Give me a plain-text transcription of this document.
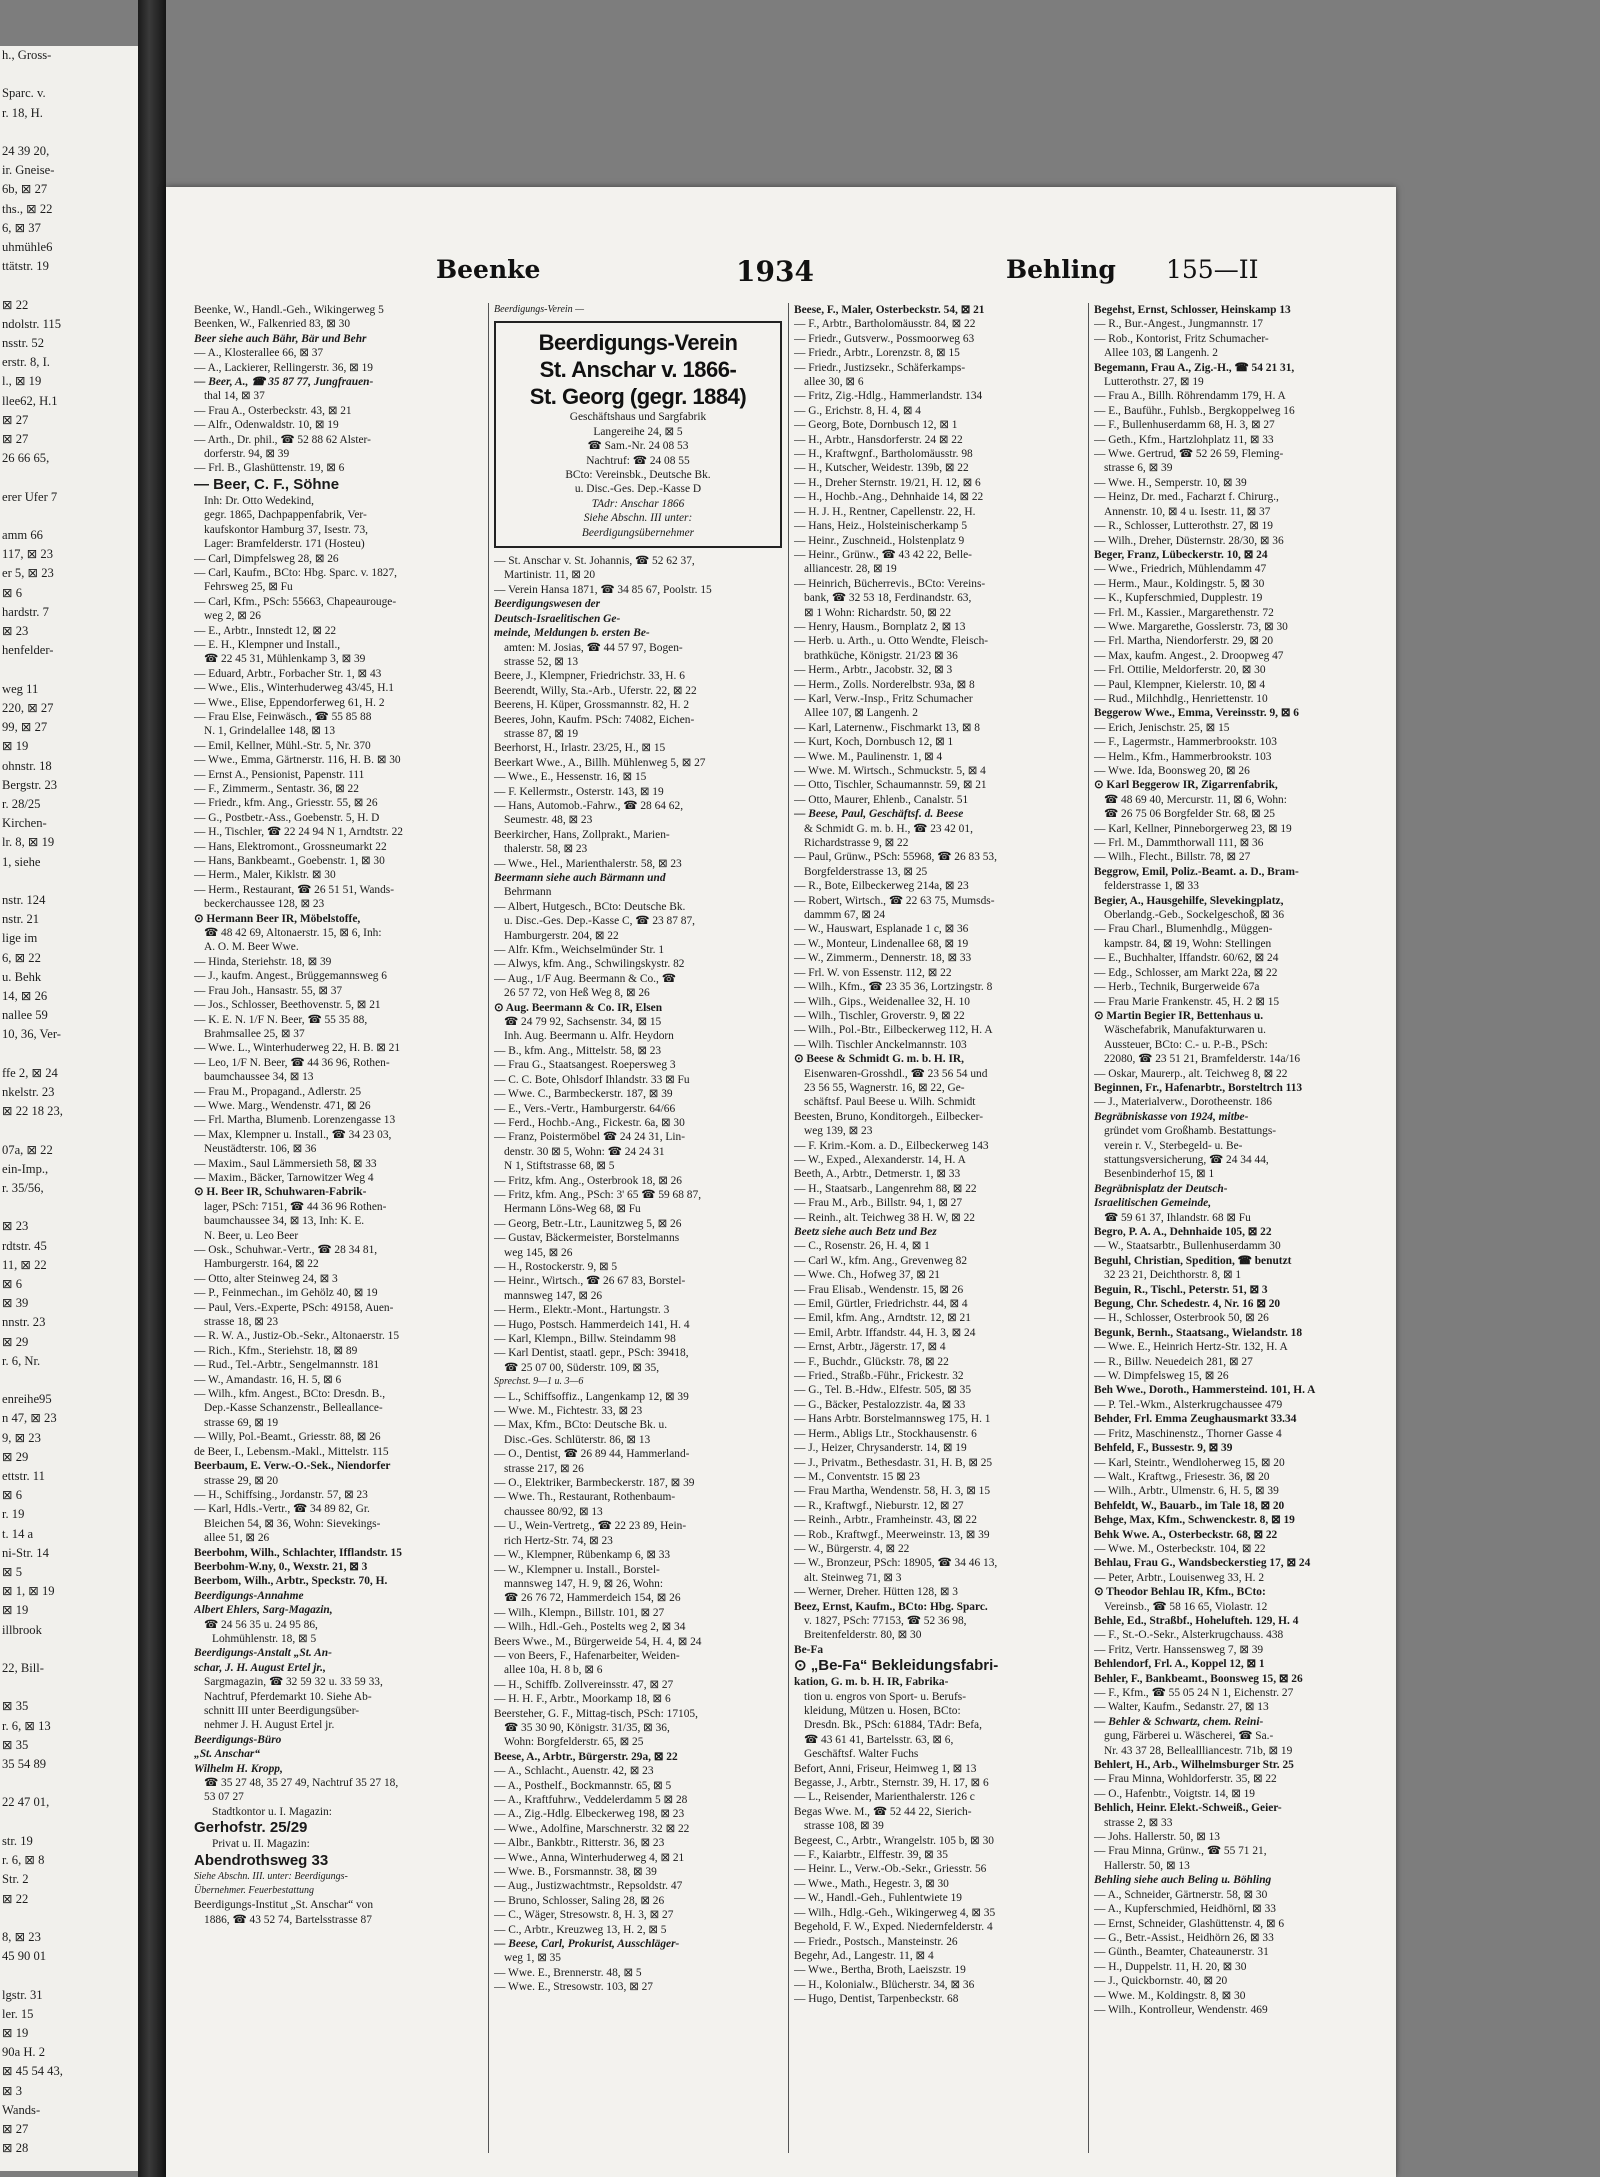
h., Gross-

Sparc. v.
r. 18, H.

24 39 20,
ir. Gneise-
6b, ⊠ 27
ths., ⊠ 22
6, ⊠ 37
uhmühle6
ttätstr. 19

⊠ 22
ndolstr. 115
nsstr. 52
erstr. 8, I.
l., ⊠ 19
llee62, H.1
⊠ 27
⊠ 27
26 66 65,

erer Ufer 7

amm 66
117, ⊠ 23
er 5, ⊠ 23
⊠ 6
hardstr. 7
⊠ 23
henfelder-

weg 11
220, ⊠ 27
99, ⊠ 27
⊠ 19
ohnstr. 18
Bergstr. 23
r. 28/25
Kirchen-
lr. 8, ⊠ 19
1, siehe

nstr. 124
nstr. 21
lige im
6, ⊠ 22
u. Behk
14, ⊠ 26
nallee 59
10, 36, Ver-

ffe 2, ⊠ 24
nkelstr. 23
⊠ 22 18 23,

07a, ⊠ 22
ein-Imp.,
r. 35/56,

⊠ 23
rdtstr. 45
11, ⊠ 22
⊠ 6
⊠ 39
nnstr. 23
⊠ 29
r. 6, Nr.

enreihe95
n 47, ⊠ 23
9, ⊠ 23
⊠ 29
ettstr. 11
⊠ 6
r. 19
t. 14 a
ni-Str. 14
⊠ 5
⊠ 1, ⊠ 19
⊠ 19
illbrook

22, Bill-

⊠ 35
r. 6, ⊠ 13
⊠ 35
35 54 89

22 47 01,

str. 19
r. 6, ⊠ 8
Str. 2
⊠ 22

8, ⊠ 23
45 90 01

lgstr. 31
ler. 15
⊠ 19
90a H. 2
⊠ 45 54 43,
⊠ 3
Wands-
⊠ 27
⊠ 28
Beenke	1934	Behling 155—II
Beenke, W., Handl.-Geh., Wikingerweg 5
Beenken, W., Falkenried 83, ⊠ 30
Beer siehe auch Bähr, Bär und Behr
— A., Klosterallee 66, ⊠ 37
— A., Lackierer, Rellingerstr. 36, ⊠ 19
— Beer, A., ☎ 35 87 77, Jungfrauen-
thal 14, ⊠ 37
— Frau A., Osterbeckstr. 43, ⊠ 21
— Alfr., Odenwaldstr. 10, ⊠ 19
— Arth., Dr. phil., ☎ 52 88 62 Alster-
dorferstr. 94, ⊠ 39
— Frl. B., Glashüttenstr. 19, ⊠ 6
— Beer, C. F., Söhne
Inh: Dr. Otto Wedekind,
gegr. 1865, Dachpappenfabrik, Ver-
kaufskontor Hamburg 37, Isestr. 73,
Lager: Bramfelderstr. 171 (Hosteu)
— Carl, Dimpfelsweg 28, ⊠ 26
— Carl, Kaufm., BCto: Hbg. Sparc. v. 1827,
Fehrsweg 25, ⊠ Fu
— Carl, Kfm., PSch: 55663, Chapeaurouge-
weg 2, ⊠ 26
— E., Arbtr., Innstedt 12, ⊠ 22
— E. H., Klempner und Install.,
☎ 22 45 31, Mühlenkamp 3, ⊠ 39
— Eduard, Arbtr., Forbacher Str. 1, ⊠ 43
— Wwe., Elis., Winterhuderweg 43/45, H.1
— Wwe., Elise, Eppendorferweg 61, H. 2
— Frau Else, Feinwäsch., ☎ 55 85 88
N. 1, Grindelallee 148, ⊠ 13
— Emil, Kellner, Mühl.-Str. 5, Nr. 370
— Wwe., Emma, Gärtnerstr. 116, H. B. ⊠ 30
— Ernst A., Pensionist, Papenstr. 111
— F., Zimmerm., Sentastr. 36, ⊠ 22
— Friedr., kfm. Ang., Griesstr. 55, ⊠ 26
— G., Postbetr.-Ass., Goebenstr. 5, H. D
— H., Tischler, ☎ 22 24 94 N 1, Arndtstr. 22
— Hans, Elektromont., Grossneumarkt 22
— Hans, Bankbeamt., Goebenstr. 1, ⊠ 30
— Herm., Maler, Kiklstr. ⊠ 30
— Herm., Restaurant, ☎ 26 51 51, Wands-
beckerchaussee 128, ⊠ 23
⊙ Hermann Beer IR, Möbelstoffe,
☎ 48 42 69, Altonaerstr. 15, ⊠ 6, Inh:
A. O. M. Beer Wwe.
— Hinda, Steriehstr. 18, ⊠ 39
— J., kaufm. Angest., Brüggemannsweg 6
— Frau Joh., Hansastr. 55, ⊠ 37
— Jos., Schlosser, Beethovenstr. 5, ⊠ 21
— K. E. N. 1/F N. Beer, ☎ 55 35 88,
Brahmsallee 25, ⊠ 37
— Wwe. L., Winterhuderweg 22, H. B. ⊠ 21
— Leo, 1/F N. Beer, ☎ 44 36 96, Rothen-
baumchaussee 34, ⊠ 13
— Frau M., Propagand., Adlerstr. 25
— Wwe. Marg., Wendenstr. 471, ⊠ 26
— Frl. Martha, Blumenb. Lorenzengasse 13
— Max, Klempner u. Install., ☎ 34 23 03,
Neustädterstr. 106, ⊠ 36
— Maxim., Saul Lämmersieth 58, ⊠ 33
— Maxim., Bäcker, Tarnowitzer Weg 4
⊙ H. Beer IR, Schuhwaren-Fabrik-
lager, PSch: 7151, ☎ 44 36 96 Rothen-
baumchaussee 34, ⊠ 13, Inh: K. E.
N. Beer, u. Leo Beer
— Osk., Schuhwar.-Vertr., ☎ 28 34 81,
Hamburgerstr. 164, ⊠ 22
— Otto, alter Steinweg 24, ⊠ 3
— P., Feinmechan., im Gehölz 40, ⊠ 19
— Paul, Vers.-Experte, PSch: 49158, Auen-
strasse 18, ⊠ 23
— R. W. A., Justiz-Ob.-Sekr., Altonaerstr. 15
— Rich., Kfm., Steriehstr. 18, ⊠ 89
— Rud., Tel.-Arbtr., Sengelmannstr. 181
— W., Amandastr. 16, H. 5, ⊠ 6
— Wilh., kfm. Angest., BCto: Dresdn. B.,
Dep.-Kasse Schanzenstr., Belleallance-
strasse 69, ⊠ 19
— Willy, Pol.-Beamt., Griesstr. 88, ⊠ 26
de Beer, I., Lebensm.-Makl., Mittelstr. 115
Beerbaum, E. Verw.-O.-Sek., Niendorfer
strasse 29, ⊠ 20
— H., Schiffsing., Jordanstr. 57, ⊠ 23
— Karl, Hdls.-Vertr., ☎ 34 89 82, Gr.
Bleichen 54, ⊠ 36, Wohn: Sievekings-
allee 51, ⊠ 26
Beerbohm, Wilh., Schlachter, Ifflandstr. 15
Beerbohm-W.ny, 0., Wexstr. 21, ⊠ 3
Beerbom, Wilh., Arbtr., Speckstr. 70, H.
Beerdigungs-Annahme
Albert Ehlers, Sarg-Magazin,
☎ 24 56 35 u. 24 95 86,
Lohmühlenstr. 18, ⊠ 5
Beerdigungs-Anstalt „St. An-
schar, J. H. August Ertel jr.,
Sargmagazin, ☎ 32 59 32 u. 33 59 33,
Nachtruf, Pferdemarkt 10. Siehe Ab-
schnitt III unter Beerdigungsüber-
nehmer J. H. August Ertel jr.
Beerdigungs-Büro
„St. Anschar“
Wilhelm H. Kropp,
☎ 35 27 48, 35 27 49, Nachtruf 35 27 18,
53 07 27
Stadtkontor u. I. Magazin:
Gerhofstr. 25/29
Privat u. II. Magazin:
Abendrothsweg 33
Siehe Abschn. III. unter: Beerdigungs-
Übernehmer. Feuerbestattung
Beerdigungs-Institut „St. Anschar“ von
1886, ☎ 43 52 74, Bartelsstrasse 87
Beerdigungs-Verein —
Beerdigungs-Verein
St. Anschar v. 1866-
St. Georg (gegr. 1884)
Geschäftshaus und Sargfabrik
Langereihe 24, ⊠ 5
☎ Sam.-Nr. 24 08 53
Nachtruf: ☎ 24 08 55
BCto: Vereinsbk., Deutsche Bk.
u. Disc.-Ges. Dep.-Kasse D
TAdr: Anschar 1866
Siehe Abschn. III unter:
Beerdigungsübernehmer
— St. Anschar v. St. Johannis, ☎ 52 62 37,
Martinistr. 11, ⊠ 20
— Verein Hansa 1871, ☎ 34 85 67, Poolstr. 15
Beerdigungswesen der
Deutsch-Israelitischen Ge-
meinde, Meldungen b. ersten Be-
amten: M. Josias, ☎ 44 57 97, Bogen-
strasse 52, ⊠ 13
Beere, J., Klempner, Friedrichstr. 33, H. 6
Beerendt, Willy, Sta.-Arb., Uferstr. 22, ⊠ 22
Beerens, H. Küper, Grossmannstr. 82, H. 2
Beeres, John, Kaufm. PSch: 74082, Eichen-
strasse 87, ⊠ 19
Beerhorst, H., Irlastr. 23/25, H., ⊠ 15
Beerkart Wwe., A., Billh. Mühlenweg 5, ⊠ 27
— Wwe., E., Hessenstr. 16, ⊠ 15
— F. Kellermstr., Osterstr. 143, ⊠ 19
— Hans, Automob.-Fahrw., ☎ 28 64 62,
Seumestr. 48, ⊠ 23
Beerkircher, Hans, Zollprakt., Marien-
thalerstr. 58, ⊠ 23
— Wwe., Hel., Marienthalerstr. 58, ⊠ 23
Beermann siehe auch Bärmann und
Behrmann
— Albert, Hutgesch., BCto: Deutsche Bk.
u. Disc.-Ges. Dep.-Kasse C, ☎ 23 87 87,
Hamburgerstr. 204, ⊠ 22
— Alfr. Kfm., Weichselmünder Str. 1
— Alwys, kfm. Ang., Schwilingskystr. 82
— Aug., 1/F Aug. Beermann & Co., ☎
26 57 72, von Heß Weg 8, ⊠ 26
⊙ Aug. Beermann & Co. IR, Elsen
☎ 24 79 92, Sachsenstr. 34, ⊠ 15
Inh. Aug. Beermann u. Alfr. Heydorn
— B., kfm. Ang., Mittelstr. 58, ⊠ 23
— Frau G., Staatsangest. Roepersweg 3
— C. C. Bote, Ohlsdorf Ihlandstr. 33 ⊠ Fu
— Wwe. C., Barmbeckerstr. 187, ⊠ 39
— E., Vers.-Vertr., Hamburgerstr. 64/66
— Ferd., Hochb.-Ang., Fickestr. 6a, ⊠ 30
— Franz, Poistermöbel ☎ 24 24 31, Lin-
denstr. 30 ⊠ 5, Wohn: ☎ 24 24 31
N 1, Stiftstrasse 68, ⊠ 5
— Fritz, kfm. Ang., Osterbrook 18, ⊠ 26
— Fritz, kfm. Ang., PSch: 3' 65 ☎ 59 68 87,
Hermann Löns-Weg 68, ⊠ Fu
— Georg, Betr.-Ltr., Launitzweg 5, ⊠ 26
— Gustav, Bäckermeister, Borstelmanns
weg 145, ⊠ 26
— H., Rostockerstr. 9, ⊠ 5
— Heinr., Wirtsch., ☎ 26 67 83, Borstel-
mannsweg 147, ⊠ 26
— Herm., Elektr.-Mont., Hartungstr. 3
— Hugo, Postsch. Hammerdeich 141, H. 4
— Karl, Klempn., Billw. Steindamm 98
— Karl Dentist, staatl. gepr., PSch: 39418,
☎ 25 07 00, Süderstr. 109, ⊠ 35,
Sprechst. 9—1 u. 3—6
— L., Schiffsoffiz., Langenkamp 12, ⊠ 39
— Wwe. M., Fichtestr. 33, ⊠ 23
— Max, Kfm., BCto: Deutsche Bk. u.
Disc.-Ges. Schlüterstr. 86, ⊠ 13
— O., Dentist, ☎ 26 89 44, Hammerland-
strasse 217, ⊠ 26
— O., Elektriker, Barmbeckerstr. 187, ⊠ 39
— Wwe. Th., Restaurant, Rothenbaum-
chaussee 80/92, ⊠ 13
— U., Wein-Vertretg., ☎ 22 23 89, Hein-
rich Hertz-Str. 74, ⊠ 23
— W., Klempner, Rübenkamp 6, ⊠ 33
— W., Klempner u. Install., Borstel-
mannsweg 147, H. 9, ⊠ 26, Wohn:
☎ 26 76 72, Hammerdeich 154, ⊠ 26
— Wilh., Klempn., Billstr. 101, ⊠ 27
— Wilh., Hdl.-Geh., Postelts weg 2, ⊠ 34
Beers Wwe., M., Bürgerweide 54, H. 4, ⊠ 24
— von Beers, F., Hafenarbeiter, Weiden-
allee 10a, H. 8 b, ⊠ 6
— H., Schiffb. Zollvereinsstr. 47, ⊠ 27
— H. H. F., Arbtr., Moorkamp 18, ⊠ 6
Beersteher, G. F., Mittag-tisch, PSch: 17105,
☎ 35 30 90, Königstr. 31/35, ⊠ 36,
Wohn: Borgfelderstr. 65, ⊠ 25
Beese, A., Arbtr., Bürgerstr. 29a, ⊠ 22
— A., Schlacht., Auenstr. 42, ⊠ 23
— A., Posthelf., Bockmannstr. 65, ⊠ 5
— A., Kraftfuhrw., Veddelerdamm 5 ⊠ 28
— A., Zig.-Hdlg. Elbeckerweg 198, ⊠ 23
— Wwe., Adolfine, Marschnerstr. 32 ⊠ 22
— Albr., Bankbtr., Ritterstr. 36, ⊠ 23
— Wwe., Anna, Winterhuderweg 4, ⊠ 21
— Wwe. B., Forsmannstr. 38, ⊠ 39
— Aug., Justizwachtmstr., Repsoldstr. 47
— Bruno, Schlosser, Saling 28, ⊠ 26
— C., Wäger, Stresowstr. 8, H. 3, ⊠ 27
— C., Arbtr., Kreuzweg 13, H. 2, ⊠ 5
— Beese, Carl, Prokurist, Ausschläger-
weg 1, ⊠ 35
— Wwe. E., Brennerstr. 48, ⊠ 5
— Wwe. E., Stresowstr. 103, ⊠ 27
Beese, F., Maler, Osterbeckstr. 54, ⊠ 21
— F., Arbtr., Bartholomäusstr. 84, ⊠ 22
— Friedr., Gutsverw., Possmoorweg 63
— Friedr., Arbtr., Lorenzstr. 8, ⊠ 15
— Friedr., Justizsekr., Schäferkamps-
allee 30, ⊠ 6
— Fritz, Zig.-Hdlg., Hammerlandstr. 134
— G., Erichstr. 8, H. 4, ⊠ 4
— Georg, Bote, Dornbusch 12, ⊠ 1
— H., Arbtr., Hansdorferstr. 24 ⊠ 22
— H., Kraftwgnf., Bartholomäusstr. 98
— H., Kutscher, Weidestr. 139b, ⊠ 22
— H., Dreher Sternstr. 19/21, H. 12, ⊠ 6
— H., Hochb.-Ang., Dehnhaide 14, ⊠ 22
— H. J. H., Rentner, Capellenstr. 22, H.
— Hans, Heiz., Holsteinischerkamp 5
— Heinr., Zuschneid., Holstenplatz 9
— Heinr., Grünw., ☎ 43 42 22, Belle-
alliancestr. 28, ⊠ 19
— Heinrich, Bücherrevis., BCto: Vereins-
bank, ☎ 32 53 18, Ferdinandstr. 63,
⊠ 1 Wohn: Richardstr. 50, ⊠ 22
— Henry, Hausm., Bornplatz 2, ⊠ 13
— Herb. u. Arth., u. Otto Wendte, Fleisch-
brathküche, Königstr. 21/23 ⊠ 36
— Herm., Arbtr., Jacobstr. 32, ⊠ 3
— Herm., Zolls. Norderelbstr. 93a, ⊠ 8
— Karl, Verw.-Insp., Fritz Schumacher
Allee 107, ⊠ Langenh. 2
— Karl, Laternenw., Fischmarkt 13, ⊠ 8
— Kurt, Koch, Dornbusch 12, ⊠ 1
— Wwe. M., Paulinenstr. 1, ⊠ 4
— Wwe. M. Wirtsch., Schmuckstr. 5, ⊠ 4
— Otto, Tischler, Schaumannstr. 59, ⊠ 21
— Otto, Maurer, Ehlenb., Canalstr. 51
— Beese, Paul, Geschäftsf. d. Beese
& Schmidt G. m. b. H., ☎ 23 42 01,
Richardstrasse 9, ⊠ 22
— Paul, Grünw., PSch: 55968, ☎ 26 83 53,
Borgfelderstrasse 13, ⊠ 25
— R., Bote, Eilbeckerweg 214a, ⊠ 23
— Robert, Wirtsch., ☎ 22 63 75, Mumsds-
dammm 67, ⊠ 24
— W., Hauswart, Esplanade 1 c, ⊠ 36
— W., Monteur, Lindenallee 68, ⊠ 19
— W., Zimmerm., Dennerstr. 18, ⊠ 33
— Frl. W. von Essenstr. 112, ⊠ 22
— Wilh., Kfm., ☎ 23 35 36, Lortzingstr. 8
— Wilh., Gips., Weidenallee 32, H. 10
— Wilh., Tischler, Groverstr. 9, ⊠ 22
— Wilh., Pol.-Btr., Eilbeckerweg 112, H. A
— Wilh. Tischler Anckelmannstr. 103
⊙ Beese & Schmidt G. m. b. H. IR,
Eisenwaren-Grosshdl., ☎ 23 56 54 und
23 56 55, Wagnerstr. 16, ⊠ 22, Ge-
schäftsf. Paul Beese u. Wilh. Schmidt
Beesten, Bruno, Konditorgeh., Eilbecker-
weg 139, ⊠ 23
— F. Krim.-Kom. a. D., Eilbeckerweg 143
— W., Exped., Alexanderstr. 14, H. A
Beeth, A., Arbtr., Detmerstr. 1, ⊠ 33
— H., Staatsarb., Langenrehm 88, ⊠ 22
— Frau M., Arb., Billstr. 94, 1, ⊠ 27
— Reinh., alt. Teichweg 38 H. W, ⊠ 22
Beetz siehe auch Betz und Bez
— C., Rosenstr. 26, H. 4, ⊠ 1
— Carl W., kfm. Ang., Grevenweg 82
— Wwe. Ch., Hofweg 37, ⊠ 21
— Frau Elisab., Wendenstr. 15, ⊠ 26
— Emil, Gürtler, Friedrichstr. 44, ⊠ 4
— Emil, kfm. Ang., Arndtstr. 12, ⊠ 21
— Emil, Arbtr. Iffandstr. 44, H. 3, ⊠ 24
— Ernst, Arbtr., Jägerstr. 17, ⊠ 4
— F., Buchdr., Glückstr. 78, ⊠ 22
— Fried., Straßb.-Führ., Frickestr. 32
— G., Tel. B.-Hdw., Elfestr. 505, ⊠ 35
— G., Bäcker, Pestalozzistr. 4a, ⊠ 33
— Hans Arbtr. Borstelmannsweg 175, H. 1
— Herm., Abligs Ltr., Stockhausenstr. 6
— J., Heizer, Chrysanderstr. 14, ⊠ 19
— J., Privatm., Bethesdastr. 31, H. B, ⊠ 25
— M., Conventstr. 15 ⊠ 23
— Frau Martha, Wendenstr. 58, H. 3, ⊠ 15
— R., Kraftwgf., Nieburstr. 12, ⊠ 27
— Reinh., Arbtr., Framheinstr. 43, ⊠ 22
— Rob., Kraftwgf., Meerweinstr. 13, ⊠ 39
— W., Bürgerstr. 4, ⊠ 22
— W., Bronzeur, PSch: 18905, ☎ 34 46 13,
alt. Steinweg 71, ⊠ 3
— Werner, Dreher. Hütten 128, ⊠ 3
Beez, Ernst, Kaufm., BCto: Hbg. Sparc.
v. 1827, PSch: 77153, ☎ 52 36 98,
Breitenfelderstr. 80, ⊠ 30
Be-Fa
⊙ „Be-Fa“ Bekleidungsfabri-
kation, G. m. b. H. IR, Fabrika-
tion u. engros von Sport- u. Berufs-
kleidung, Mützen u. Hosen, BCto:
Dresdn. Bk., PSch: 61884, TAdr: Befa,
☎ 43 61 41, Bartelsstr. 63, ⊠ 6,
Geschäftsf. Walter Fuchs
Befort, Anni, Friseur, Heimweg 1, ⊠ 13
Begasse, J., Arbtr., Sternstr. 39, H. 17, ⊠ 6
— L., Reisender, Marienthalerstr. 126 c
Begas Wwe. M., ☎ 52 44 22, Sierich-
strasse 108, ⊠ 39
Begeest, C., Arbtr., Wrangelstr. 105 b, ⊠ 30
— F., Kaiarbtr., Elffestr. 39, ⊠ 35
— Heinr. L., Verw.-Ob.-Sekr., Griesstr. 56
— Wwe., Math., Hegestr. 3, ⊠ 30
— W., Handl.-Geh., Fuhlentwiete 19
— Wilh., Hdlg.-Geh., Wikingerweg 4, ⊠ 35
Begehold, F. W., Exped. Niedernfelderstr. 4
— Friedr., Postsch., Mansteinstr. 26
Begehr, Ad., Langestr. 11, ⊠ 4
— Wwe., Bertha, Broth, Laeiszstr. 19
— H., Kolonialw., Blücherstr. 34, ⊠ 36
— Hugo, Dentist, Tarpenbeckstr. 68
Begehst, Ernst, Schlosser, Heinskamp 13
— R., Bur.-Angest., Jungmannstr. 17
— Rob., Kontorist, Fritz Schumacher-
Allee 103, ⊠ Langenh. 2
Begemann, Frau A., Zig.-H., ☎ 54 21 31,
Lutterothstr. 27, ⊠ 19
— Frau A., Billh. Röhrendamm 179, H. A
— E., Bauführ., Fuhlsb., Bergkoppelweg 16
— F., Bullenhuserdamm 68, H. 3, ⊠ 27
— Geth., Kfm., Hartzlohplatz 11, ⊠ 33
— Wwe. Gertrud, ☎ 52 26 59, Fleming-
strasse 6, ⊠ 39
— Wwe. H., Semperstr. 10, ⊠ 39
— Heinz, Dr. med., Facharzt f. Chirurg.,
Annenstr. 10, ⊠ 4 u. Isestr. 11, ⊠ 37
— R., Schlosser, Lutterothstr. 27, ⊠ 19
— Wilh., Dreher, Düsternstr. 28/30, ⊠ 36
Beger, Franz, Lübeckerstr. 10, ⊠ 24
— Wwe., Friedrich, Mühlendamm 47
— Herm., Maur., Koldingstr. 5, ⊠ 30
— K., Kupferschmied, Dupplestr. 19
— Frl. M., Kassier., Margarethenstr. 72
— Wwe. Margarethe, Gosslerstr. 73, ⊠ 30
— Frl. Martha, Niendorferstr. 29, ⊠ 20
— Max, kaufm. Angest., 2. Droopweg 47
— Frl. Ottilie, Meldorferstr. 20, ⊠ 30
— Paul, Klempner, Kielerstr. 10, ⊠ 4
— Rud., Milchhdlg., Henriettenstr. 10
Beggerow Wwe., Emma, Vereinsstr. 9, ⊠ 6
— Erich, Jenischstr. 25, ⊠ 15
— F., Lagermstr., Hammerbrookstr. 103
— Helm., Kfm., Hammerbrookstr. 103
— Wwe. Ida, Boonsweg 20, ⊠ 26
⊙ Karl Beggerow IR, Zigarrenfabrik,
☎ 48 69 40, Mercurstr. 11, ⊠ 6, Wohn:
☎ 26 75 06 Borgfelder Str. 68, ⊠ 25
— Karl, Kellner, Pinneborgerweg 23, ⊠ 19
— Frl. M., Dammthorwall 111, ⊠ 36
— Wilh., Flecht., Billstr. 78, ⊠ 27
Beggrow, Emil, Poliz.-Beamt. a. D., Bram-
felderstrasse 1, ⊠ 33
Begier, A., Hausgehilfe, Slevekingplatz,
Oberlandg.-Geb., Sockelgeschoß, ⊠ 36
— Frau Charl., Blumenhdlg., Müggen-
kampstr. 84, ⊠ 19, Wohn: Stellingen
— E., Buchhalter, Iffandstr. 60/62, ⊠ 24
— Edg., Schlosser, am Markt 22a, ⊠ 22
— Herb., Technik, Burgerweide 67a
— Frau Marie Frankenstr. 45, H. 2 ⊠ 15
⊙ Martin Begier IR, Bettenhaus u.
Wäschefabrik, Manufakturwaren u.
Aussteuer, BCto: C.- u. P.-B., PSch:
22080, ☎ 23 51 21, Bramfelderstr. 14a/16
— Oskar, Maurerp., alt. Teichweg 8, ⊠ 22
Beginnen, Fr., Hafenarbtr., Borsteltrch 113
— J., Materialverw., Dorotheenstr. 186
Begräbniskasse von 1924, mitbe-
gründet vom Großhamb. Bestattungs-
verein r. V., Sterbegeld- u. Be-
stattungsversicherung, ☎ 24 34 44,
Besenbinderhof 15, ⊠ 1
Begräbnisplatz der Deutsch-
Israelitischen Gemeinde,
☎ 59 61 37, Ihlandstr. 68 ⊠ Fu
Begro, P. A. A., Dehnhaide 105, ⊠ 22
— W., Staatsarbtr., Bullenhuserdamm 30
Beguhl, Christian, Spedition, ☎ benutzt
32 23 21, Deichthorstr. 8, ⊠ 1
Beguin, R., Tischl., Peterstr. 51, ⊠ 3
Begung, Chr. Schedestr. 4, Nr. 16 ⊠ 20
— H., Schlosser, Osterbrook 50, ⊠ 26
Begunk, Bernh., Staatsang., Wielandstr. 18
— Wwe. E., Heinrich Hertz-Str. 132, H. A
— R., Billw. Neuedeich 281, ⊠ 27
— W. Dimpfelsweg 15, ⊠ 26
Beh Wwe., Doroth., Hammersteind. 101, H. A
— P. Tel.-Wkm., Alsterkrugchaussee 479
Behder, Frl. Emma Zeughausmarkt 33.34
— Fritz, Maschinenstz., Thorner Gasse 4
Behfeld, F., Bussestr. 9, ⊠ 39
— Karl, Steintr., Wendloherweg 15, ⊠ 20
— Walt., Kraftwg., Friesestr. 36, ⊠ 20
— Wilh., Arbtr., Ulmenstr. 6, H. 5, ⊠ 39
Behfeldt, W., Bauarb., im Tale 18, ⊠ 20
Behge, Max, Kfm., Schwenckestr. 8, ⊠ 19
Behk Wwe. A., Osterbeckstr. 68, ⊠ 22
— Wwe. M., Osterbeckstr. 104, ⊠ 22
Behlau, Frau G., Wandsbeckerstieg 17, ⊠ 24
— Peter, Arbtr., Louisenweg 33, H. 2
⊙ Theodor Behlau IR, Kfm., BCto:
Vereinsb., ☎ 58 16 65, Violastr. 12
Behle, Ed., Straßbf., Hohelufteh. 129, H. 4
— F., St.-O.-Sekr., Alsterkrugchauss. 438
— Fritz, Vertr. Hanssensweg 7, ⊠ 39
Behlendorf, Frl. A., Koppel 12, ⊠ 1
Behler, F., Bankbeamt., Boonsweg 15, ⊠ 26
— F., Kfm., ☎ 55 05 24 N 1, Eichenstr. 27
— Walter, Kaufm., Sedanstr. 27, ⊠ 13
— Behler & Schwartz, chem. Reini-
gung, Färberei u. Wäscherei, ☎ Sa.-
Nr. 43 37 28, Belleallliancestr. 71b, ⊠ 19
Behlert, H., Arb., Wilhelmsburger Str. 25
— Frau Minna, Wohldorferstr. 35, ⊠ 22
— O., Hafenbtr., Voigtstr. 14, ⊠ 19
Behlich, Heinr. Elekt.-Schweiß., Geier-
strasse 2, ⊠ 33
— Johs. Hallerstr. 50, ⊠ 13
— Frau Minna, Grünw., ☎ 55 71 21,
Hallerstr. 50, ⊠ 13
Behling siehe auch Beling u. Böhling
— A., Schneider, Gärtnerstr. 58, ⊠ 30
— A., Kupferschmied, Heidhörnl, ⊠ 33
— Ernst, Schneider, Glashüttenstr. 4, ⊠ 6
— G., Betr.-Assist., Heidhörn 26, ⊠ 33
— Günth., Beamter, Chateaunerstr. 31
— H., Duppelstr. 11, H. 20, ⊠ 30
— J., Quickbornstr. 40, ⊠ 20
— Wwe. M., Koldingstr. 8, ⊠ 30
— Wilh., Kontrolleur, Wendenstr. 469
